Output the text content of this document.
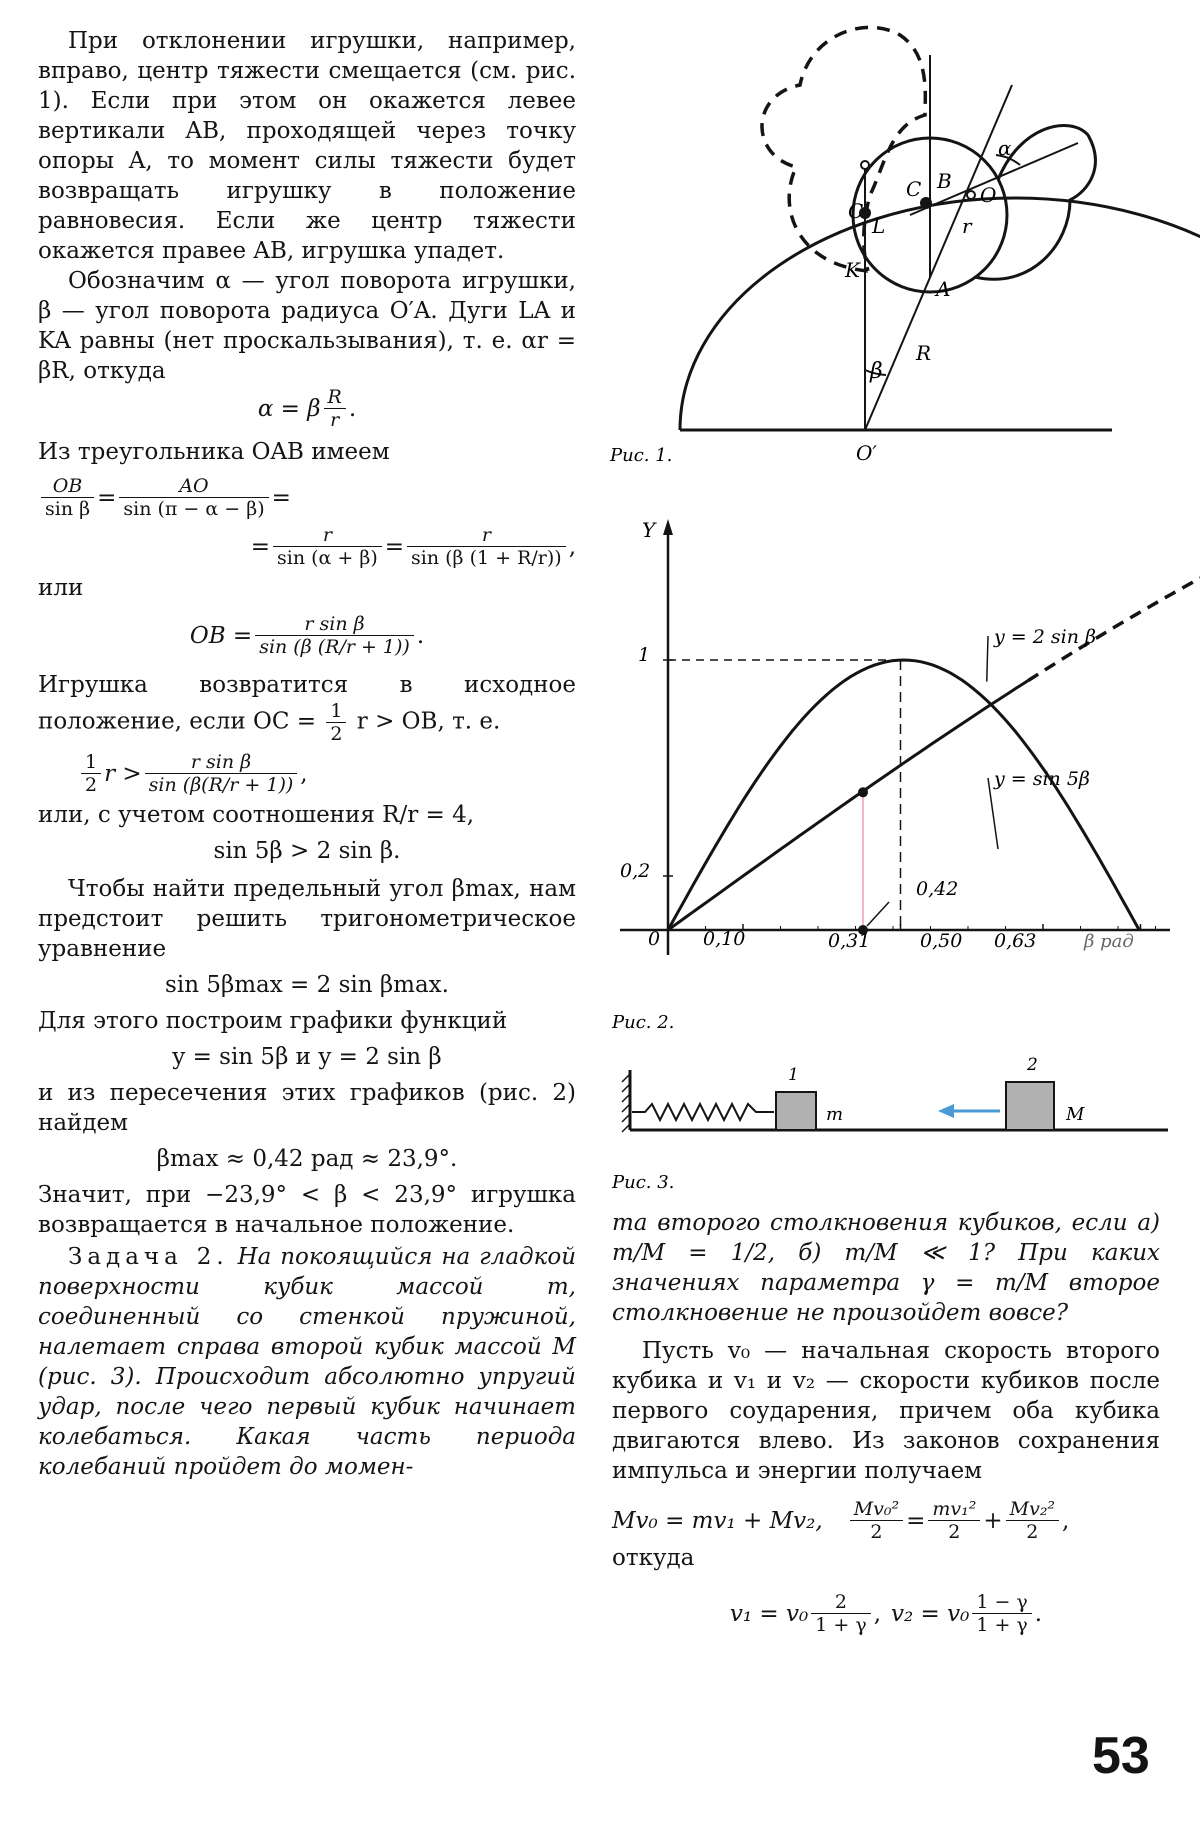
При отклонении игрушки, например, вправо, центр тяжести смещается (см. рис. 1). Если при этом он окажется левее вертикали AB, проходящей через точку опоры A, то момент силы тяжести будет возвращать игрушку в положение равновесия. Если же центр тяжести окажется правее AB, игрушка упадет.

Обозначим α — угол поворота игрушки, β — угол поворота радиуса O′A. Дуги LA и KA равны (нет проскальзывания), т. е. αr = βR, откуда

α = β $\frac{R}{r}$ .

Из треугольника OAB имеем

$\frac{OB}{\text{sin β}} = \frac{AO}{\sin (\pi - \alpha - \beta)}$ =
= $\frac{r}{\sin (\alpha + \beta)} = \frac{r}{\sin (\beta (1 + R/r))}$ ,

или

OB = $\frac{\text{r sin β}}{\sin (\beta (R/r + 1))}$ .

Игрушка возвратится в исходное положение, если OC = $\frac{1}{2}$ r > OB, т. е.

$\frac{1}{2}$ $r > \frac{\text{r sin β}}{\sin (\beta(R/r + 1))}$ ,

или, с учетом соотношения R/r = 4,

sin 5β > 2 sin β.

Чтобы найти предельный угол βmax, нам предстоит решить тригонометрическое уравнение

sin 5βmax = 2 sin βmax.

Для этого построим графики функций

y = sin 5β и y = 2 sin β

и из пересечения этих графиков (рис. 2) найдем

βmax ≈ 0,42 рад ≈ 23,9°.

Значит, при −23,9° < β < 23,9° игрушка возвращается в начальное положение.

Задача 2. На покоящийся на гладкой поверхности кубик массой m, соединенный со стенкой пружиной, налетает справа второй кубик массой M (рис. 3). Происходит абсолютно упругий удар, после чего первый кубик начинает колебаться. Какая часть периода колебаний пройдет до момен-

C
C B
O
L
K
A
r
R
α
β
O′
Рис. 1.
Y
1
0,2
0 0,10	0,31	0,50 0,63	β рад
0,42
y = 2 sin β
y = sin 5β
Рис. 2.
1	2
m	M
Рис. 3.

та второго столкновения кубиков, если а) m/M = 1/2, б) m/M ≪ 1? При каких значениях параметра γ = m/M второе столкновение не произойдет вовсе?

Пусть v₀ — начальная скорость второго кубика и v₁ и v₂ — скорости кубиков после первого соударения, причем оба кубика двигаются влево. Из законов сохранения импульса и энергии получаем

Mv₀ = mv₁ + Mv₂, $\frac{\text{Mv₀²}}{2} = \frac{\text{mv₁²}}{2} + \frac{\text{Mv₂²}}{2}$ ,

откуда

$v_1 = v_0 \frac{2}{1 + \gamma}$ , $v_2 = v_0 \frac{1 - \gamma}{1 + \gamma}$ .
53
